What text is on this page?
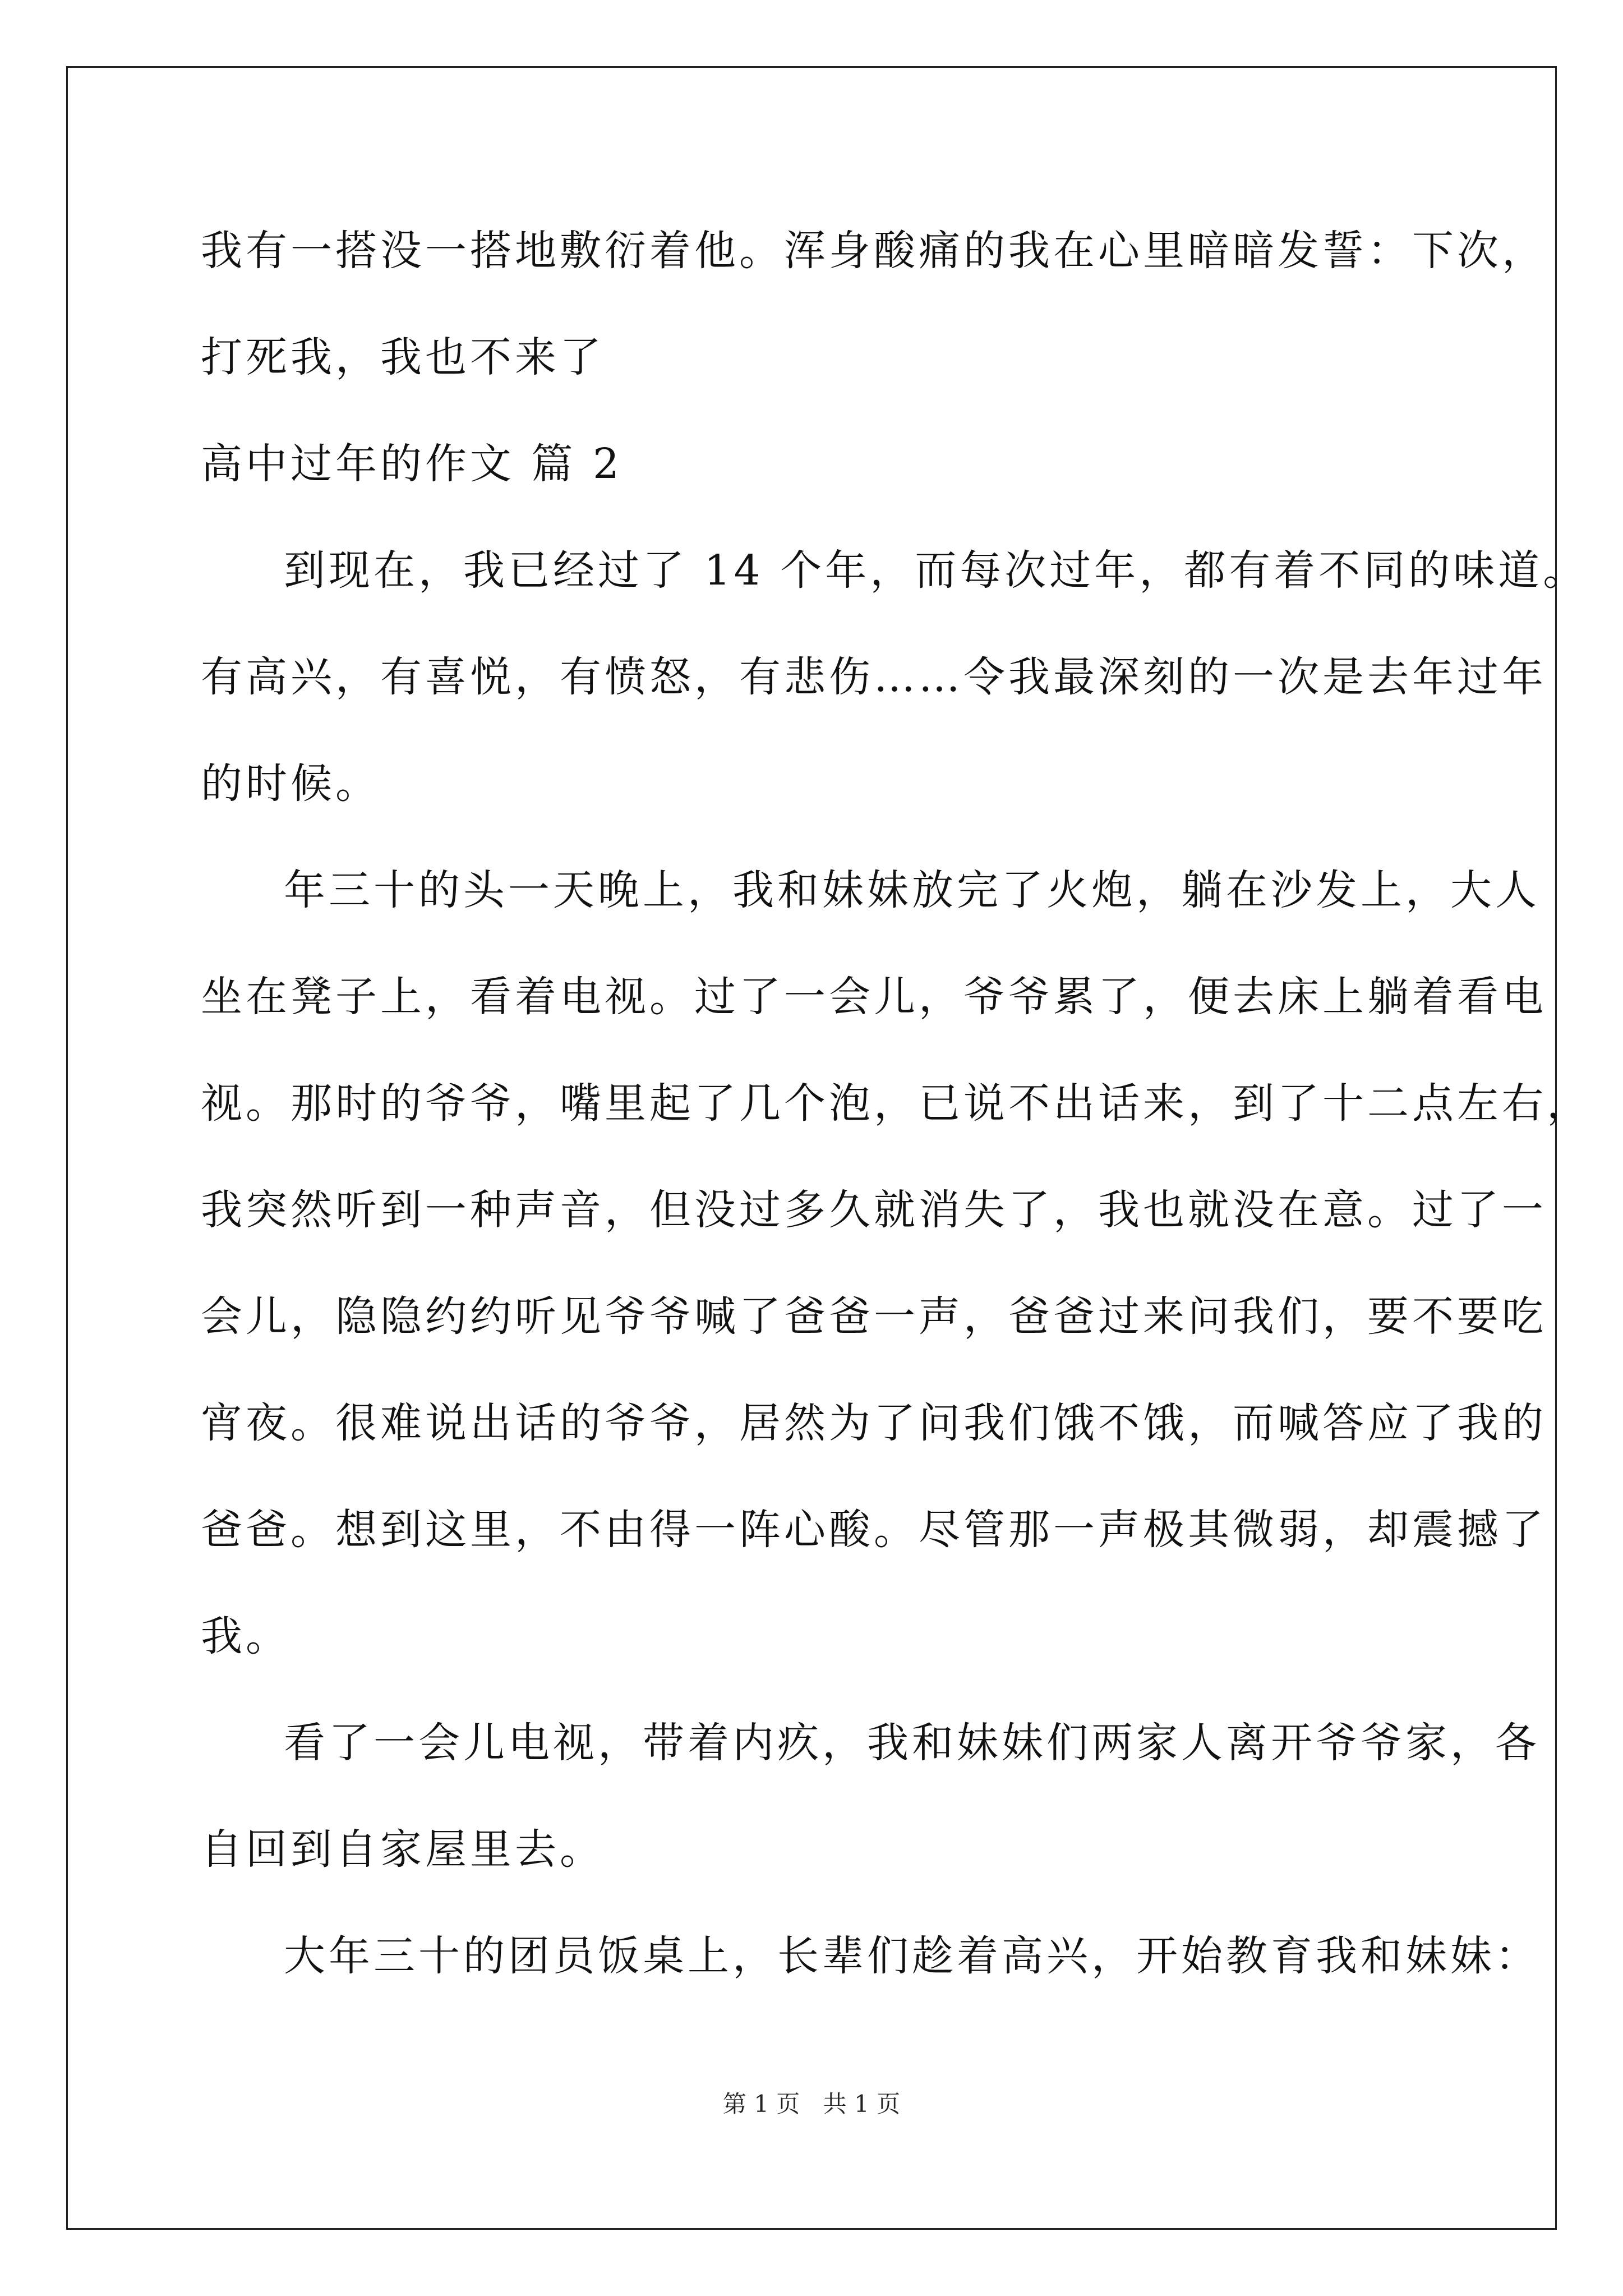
我有一搭没一搭地敷衍着他。浑身酸痛的我在心里暗暗发誓：下次，
打死我，我也不来了
高中过年的作文 篇 2
到现在，我已经过了 14 个年，而每次过年，都有着不同的味道。
有高兴，有喜悦，有愤怒，有悲伤……令我最深刻的一次是去年过年
的时候。
年三十的头一天晚上，我和妹妹放完了火炮，躺在沙发上，大人
坐在凳子上，看着电视。过了一会儿，爷爷累了，便去床上躺着看电
视。那时的爷爷，嘴里起了几个泡，已说不出话来，到了十二点左右，
我突然听到一种声音，但没过多久就消失了，我也就没在意。过了一
会儿，隐隐约约听见爷爷喊了爸爸一声，爸爸过来问我们，要不要吃
宵夜。很难说出话的爷爷，居然为了问我们饿不饿，而喊答应了我的
爸爸。想到这里，不由得一阵心酸。尽管那一声极其微弱，却震撼了
我。
看了一会儿电视，带着内疚，我和妹妹们两家人离开爷爷家，各
自回到自家屋里去。
大年三十的团员饭桌上，长辈们趁着高兴，开始教育我和妹妹：
第 1 页 共 1 页
